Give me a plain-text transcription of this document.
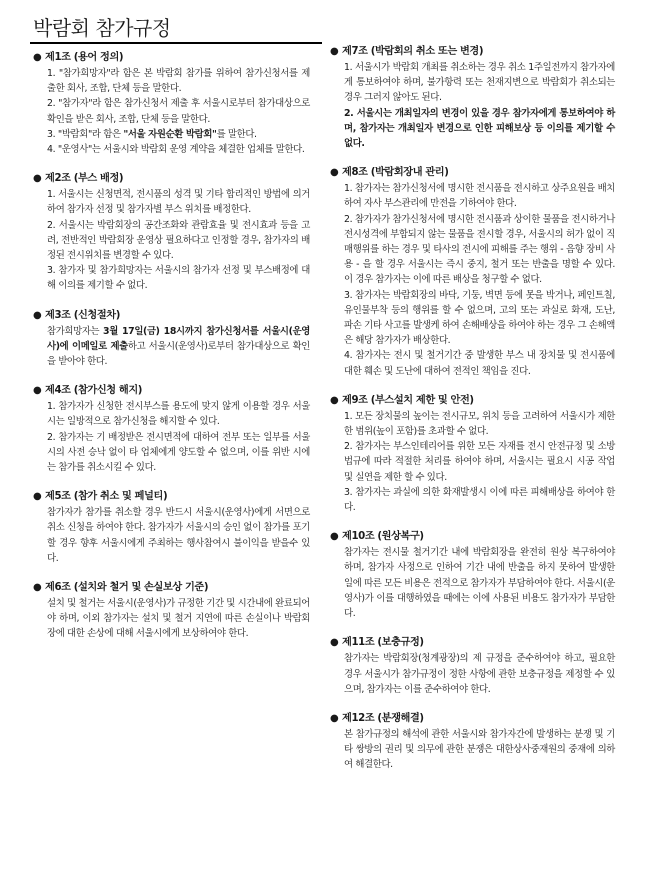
박람회 참가규정
● 제1조 (용어 정의)

1. "참가희망자"라 함은 본 박람회 참가를 위하여 참가신청서를 제출한 회사, 조합, 단체 등을 말한다.

2. "참가자"라 함은 참가신청서 제출 후 서울시로부터 참가대상으로 확인을 받은 회사, 조합, 단체 등을 말한다.

3. "박람회"라 함은 "서울 자원순환 박람회"를 말한다.

4. "운영사"는 서울시와 박람회 운영 계약을 체결한 업체를 말한다.

● 제2조 (부스 배정)

1. 서울시는 신청면적, 전시품의 성격 및 기타 합리적인 방법에 의거하여 참가자 선정 및 참가자별 부스 위치를 배정한다.

2. 서울시는 박람회장의 공간조화와 관람효율 및 전시효과 등을 고려, 전반적인 박람회장 운영상 필요하다고 인정할 경우, 참가자의 배정된 전시위치를 변경할 수 있다.

3. 참가자 및 참가희망자는 서울시의 참가자 선정 및 부스배정에 대해 이의를 제기할 수 없다.

● 제3조 (신청절차)

참가희망자는 3월 17일(금) 18시까지 참가신청서를 서울시(운영사)에 이메일로 제출하고 서울시(운영사)로부터 참가대상으로 확인을 받아야 한다.

● 제4조 (참가신청 해지)

1. 참가자가 신청한 전시부스를 용도에 맞지 않게 이용할 경우 서울시는 일방적으로 참가신청을 해지할 수 있다.

2. 참가자는 기 배정받은 전시면적에 대하여 전부 또는 일부를 서울시의 사전 승낙 없이 타 업체에게 양도할 수 없으며, 이를 위반 시에는 참가를 취소시킬 수 있다.

● 제5조 (참가 취소 및 페널티)

참가자가 참가를 취소할 경우 반드시 서울시(운영사)에게 서면으로 취소 신청을 하여야 한다. 참가자가 서울시의 승인 없이 참가를 포기할 경우 향후 서울시에게 주최하는 행사참여시 불이익을 받을수 있다.

● 제6조 (설치와 철거 및 손실보상 기준)

설치 및 철거는 서울시(운영사)가 규정한 기간 및 시간내에 완료되어야 하며, 이외 참가자는 설치 및 철거 지연에 따른 손실이나 박람회장에 대한 손상에 대해 서울시에게 보상하여야 한다.

● 제7조 (박람회의 취소 또는 변경)

1. 서울시가 박람회 개최를 취소하는 경우 취소 1주일전까지 참가자에게 통보하여야 하며, 불가항력 또는 천재지변으로 박람회가 취소되는 경우 그러지 않아도 된다.

2. 서울시는 개최일자의 변경이 있을 경우 참가자에게 통보하여야 하며, 참가자는 개최일자 변경으로 인한 피해보상 등 이의를 제기할 수 없다.

● 제8조 (박람회장내 관리)

1. 참가자는 참가신청서에 명시한 전시품을 전시하고 상주요원을 배치하여 자사 부스관리에 만전을 기하여야 한다.

2. 참가자가 참가신청서에 명시한 전시품과 상이한 물품을 전시하거나 전시성격에 부합되지 않는 물품을 전시할 경우, 서울시의 허가 없이 직매행위를 하는 경우 및 타사의 전시에 피해를 주는 행위 - 음향 장비 사용 - 을 할 경우 서울시는 즉시 중지, 철거 또는 반출을 명할 수 있다. 이 경우 참가자는 이에 따른 배상을 청구할 수 없다.

3. 참가자는 박람회장의 바닥, 기둥, 벽면 등에 못을 박거나, 페인트칠, 유인물부착 등의 행위를 할 수 없으며, 고의 또는 과실로 화재, 도난, 파손 기타 사고를 발생케 하여 손해배상을 하여야 하는 경우 그 손해액은 해당 참가자가 배상한다.

4. 참가자는 전시 및 철거기간 중 발생한 부스 내 장치물 및 전시품에 대한 훼손 및 도난에 대하여 전적인 책임을 진다.

● 제9조 (부스설치 제한 및 안전)

1. 모든 장치물의 높이는 전시규모, 위치 등을 고려하여 서울시가 제한한 범위(높이 포함)를 초과할 수 없다.

2. 참가자는 부스인테리어를 위한 모든 자재를 전시 안전규정 및 소방법규에 따라 적절한 처리를 하여야 하며, 서울시는 필요시 시공 작업 및 실연을 제한 할 수 있다.

3. 참가자는 과실에 의한 화재발생시 이에 따른 피해배상을 하여야 한다.

● 제10조 (원상복구)

참가자는 전시물 철거기간 내에 박람회장을 완전히 원상 복구하여야 하며, 참가자 사정으로 인하여 기간 내에 반출을 하지 못하여 발생한 일에 따른 모든 비용은 전적으로 참가자가 부담하여야 한다. 서울시(운영사)가 이를 대행하였을 때에는 이에 사용된 비용도 참가자가 부담한다.

● 제11조 (보충규정)

참가자는 박람회장(청계광장)의 제 규정을 준수하여야 하고, 필요한 경우 서울시가 참가규정이 정한 사항에 관한 보충규정을 제정할 수 있으며, 참가자는 이를 준수하여야 한다.

● 제12조 (분쟁해결)

본 참가규정의 해석에 관한 서울시와 참가자간에 발생하는 분쟁 및 기타 쌍방의 권리 및 의무에 관한 분쟁은 대한상사중재원의 중재에 의하여 해결한다.
